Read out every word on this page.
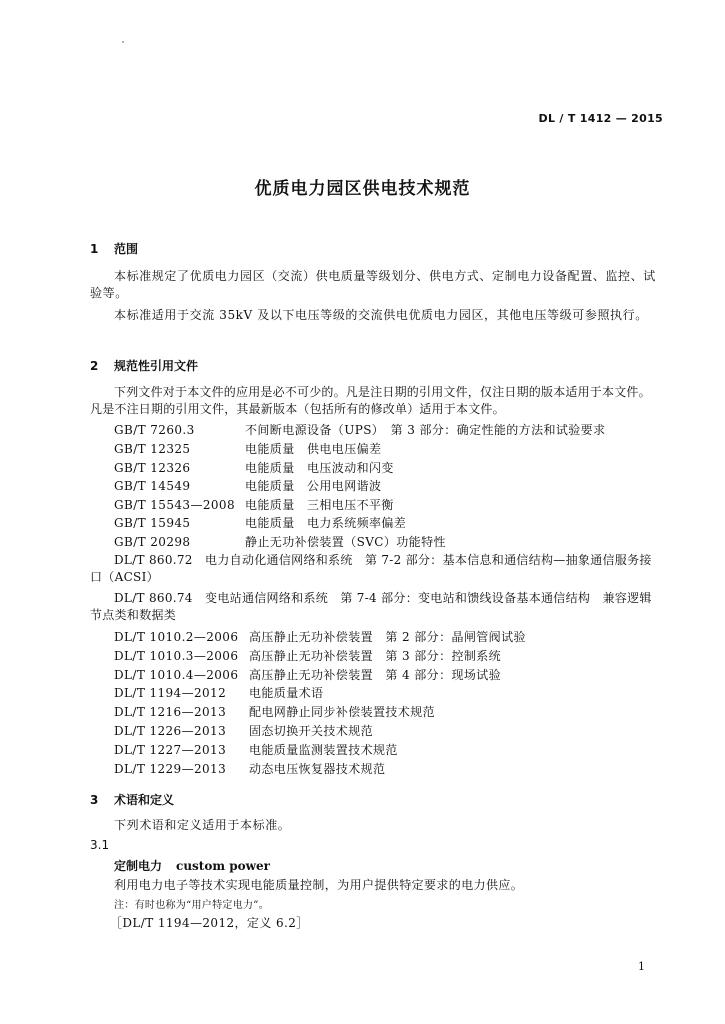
DL / T 1412 — 2015
优质电力园区供电技术规范
1 范围
本标准规定了优质电力园区（交流）供电质量等级划分、供电方式、定制电力设备配置、监控、试验等。
本标准适用于交流 35kV 及以下电压等级的交流供电优质电力园区，其他电压等级可参照执行。
2 规范性引用文件
下列文件对于本文件的应用是必不可少的。凡是注日期的引用文件，仅注日期的版本适用于本文件。凡是不注日期的引用文件，其最新版本（包括所有的修改单）适用于本文件。
GB/T 7260.3	不间断电源设备（UPS）　第 3 部分：确定性能的方法和试验要求
GB/T 12325	电能质量　供电电压偏差
GB/T 12326	电能质量　电压波动和闪变
GB/T 14549	电能质量　公用电网谐波
GB/T 15543—2008 电能质量　三相电压不平衡
GB/T 15945	电能质量　电力系统频率偏差
GB/T 20298	静止无功补偿装置（SVC）功能特性
DL/T 860.72　电力自动化通信网络和系统　第 7-2 部分：基本信息和通信结构—抽象通信服务接口（ACSI）
DL/T 860.74　变电站通信网络和系统　第 7-4 部分：变电站和馈线设备基本通信结构　兼容逻辑节点类和数据类
DL/T 1010.2—2006 高压静止无功补偿装置　第 2 部分：晶闸管阀试验
DL/T 1010.3—2006 高压静止无功补偿装置　第 3 部分：控制系统
DL/T 1010.4—2006 高压静止无功补偿装置　第 4 部分：现场试验
DL/T 1194—2012 电能质量术语
DL/T 1216—2013 配电网静止同步补偿装置技术规范
DL/T 1226—2013 固态切换开关技术规范
DL/T 1227—2013 电能质量监测装置技术规范
DL/T 1229—2013 动态电压恢复器技术规范
3 术语和定义
下列术语和定义适用于本标准。
3.1
定制电力 custom power
利用电力电子等技术实现电能质量控制，为用户提供特定要求的电力供应。
注：有时也称为“用户特定电力”。
［DL/T 1194—2012，定义 6.2］
1
